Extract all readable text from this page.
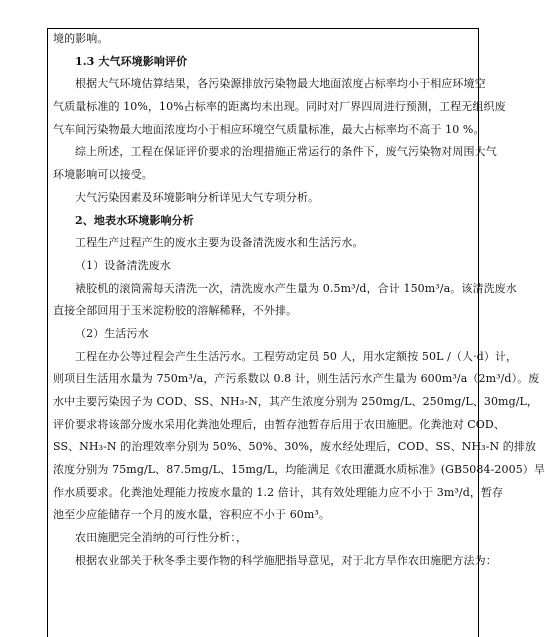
境的影响。
1.3 大气环境影响评价
根据大气环境估算结果，各污染源排放污染物最大地面浓度占标率均小于相应环境空
气质量标准的 10%，10%占标率的距离均未出现。同时对厂界四周进行预测，工程无组织废
气车间污染物最大地面浓度均小于相应环境空气质量标准，最大占标率均不高于 10 %。
综上所述，工程在保证评价要求的治理措施正常运行的条件下，废气污染物对周围大气
环境影响可以接受。
大气污染因素及环境影响分析详见大气专项分析。
2、地表水环境影响分析
工程生产过程产生的废水主要为设备清洗废水和生活污水。
（1）设备清洗废水
裱胶机的滚筒需每天清洗一次，清洗废水产生量为 0.5m³/d，合计 150m³/a。该清洗废水
直接全部回用于玉米淀粉胶的溶解稀释，不外排。
（2）生活污水
工程在办公等过程会产生生活污水。工程劳动定员 50 人，用水定额按 50L /（人·d）计，
则项目生活用水量为 750m³/a，产污系数以 0.8 计，则生活污水产生量为 600m³/a（2m³/d）。废
水中主要污染因子为 COD、SS、NH₃-N，其产生浓度分别为 250mg/L、250mg/L、30mg/L，
评价要求将该部分废水采用化粪池处理后，由暂存池暂存后用于农田施肥。化粪池对 COD、
SS、NH₃-N 的治理效率分别为 50%、50%、30%，废水经处理后，COD、SS、NH₃-N 的排放
浓度分别为 75mg/L、87.5mg/L、15mg/L，均能满足《农田灌溉水质标准》(GB5084-2005）旱
作水质要求。化粪池处理能力按废水量的 1.2 倍计，其有效处理能力应不小于 3m³/d，暂存
池至少应能储存一个月的废水量，容积应不小于 60m³。
农田施肥完全消纳的可行性分析：，
根据农业部关于秋冬季主要作物的科学施肥指导意见，对于北方旱作农田施肥方法为：
